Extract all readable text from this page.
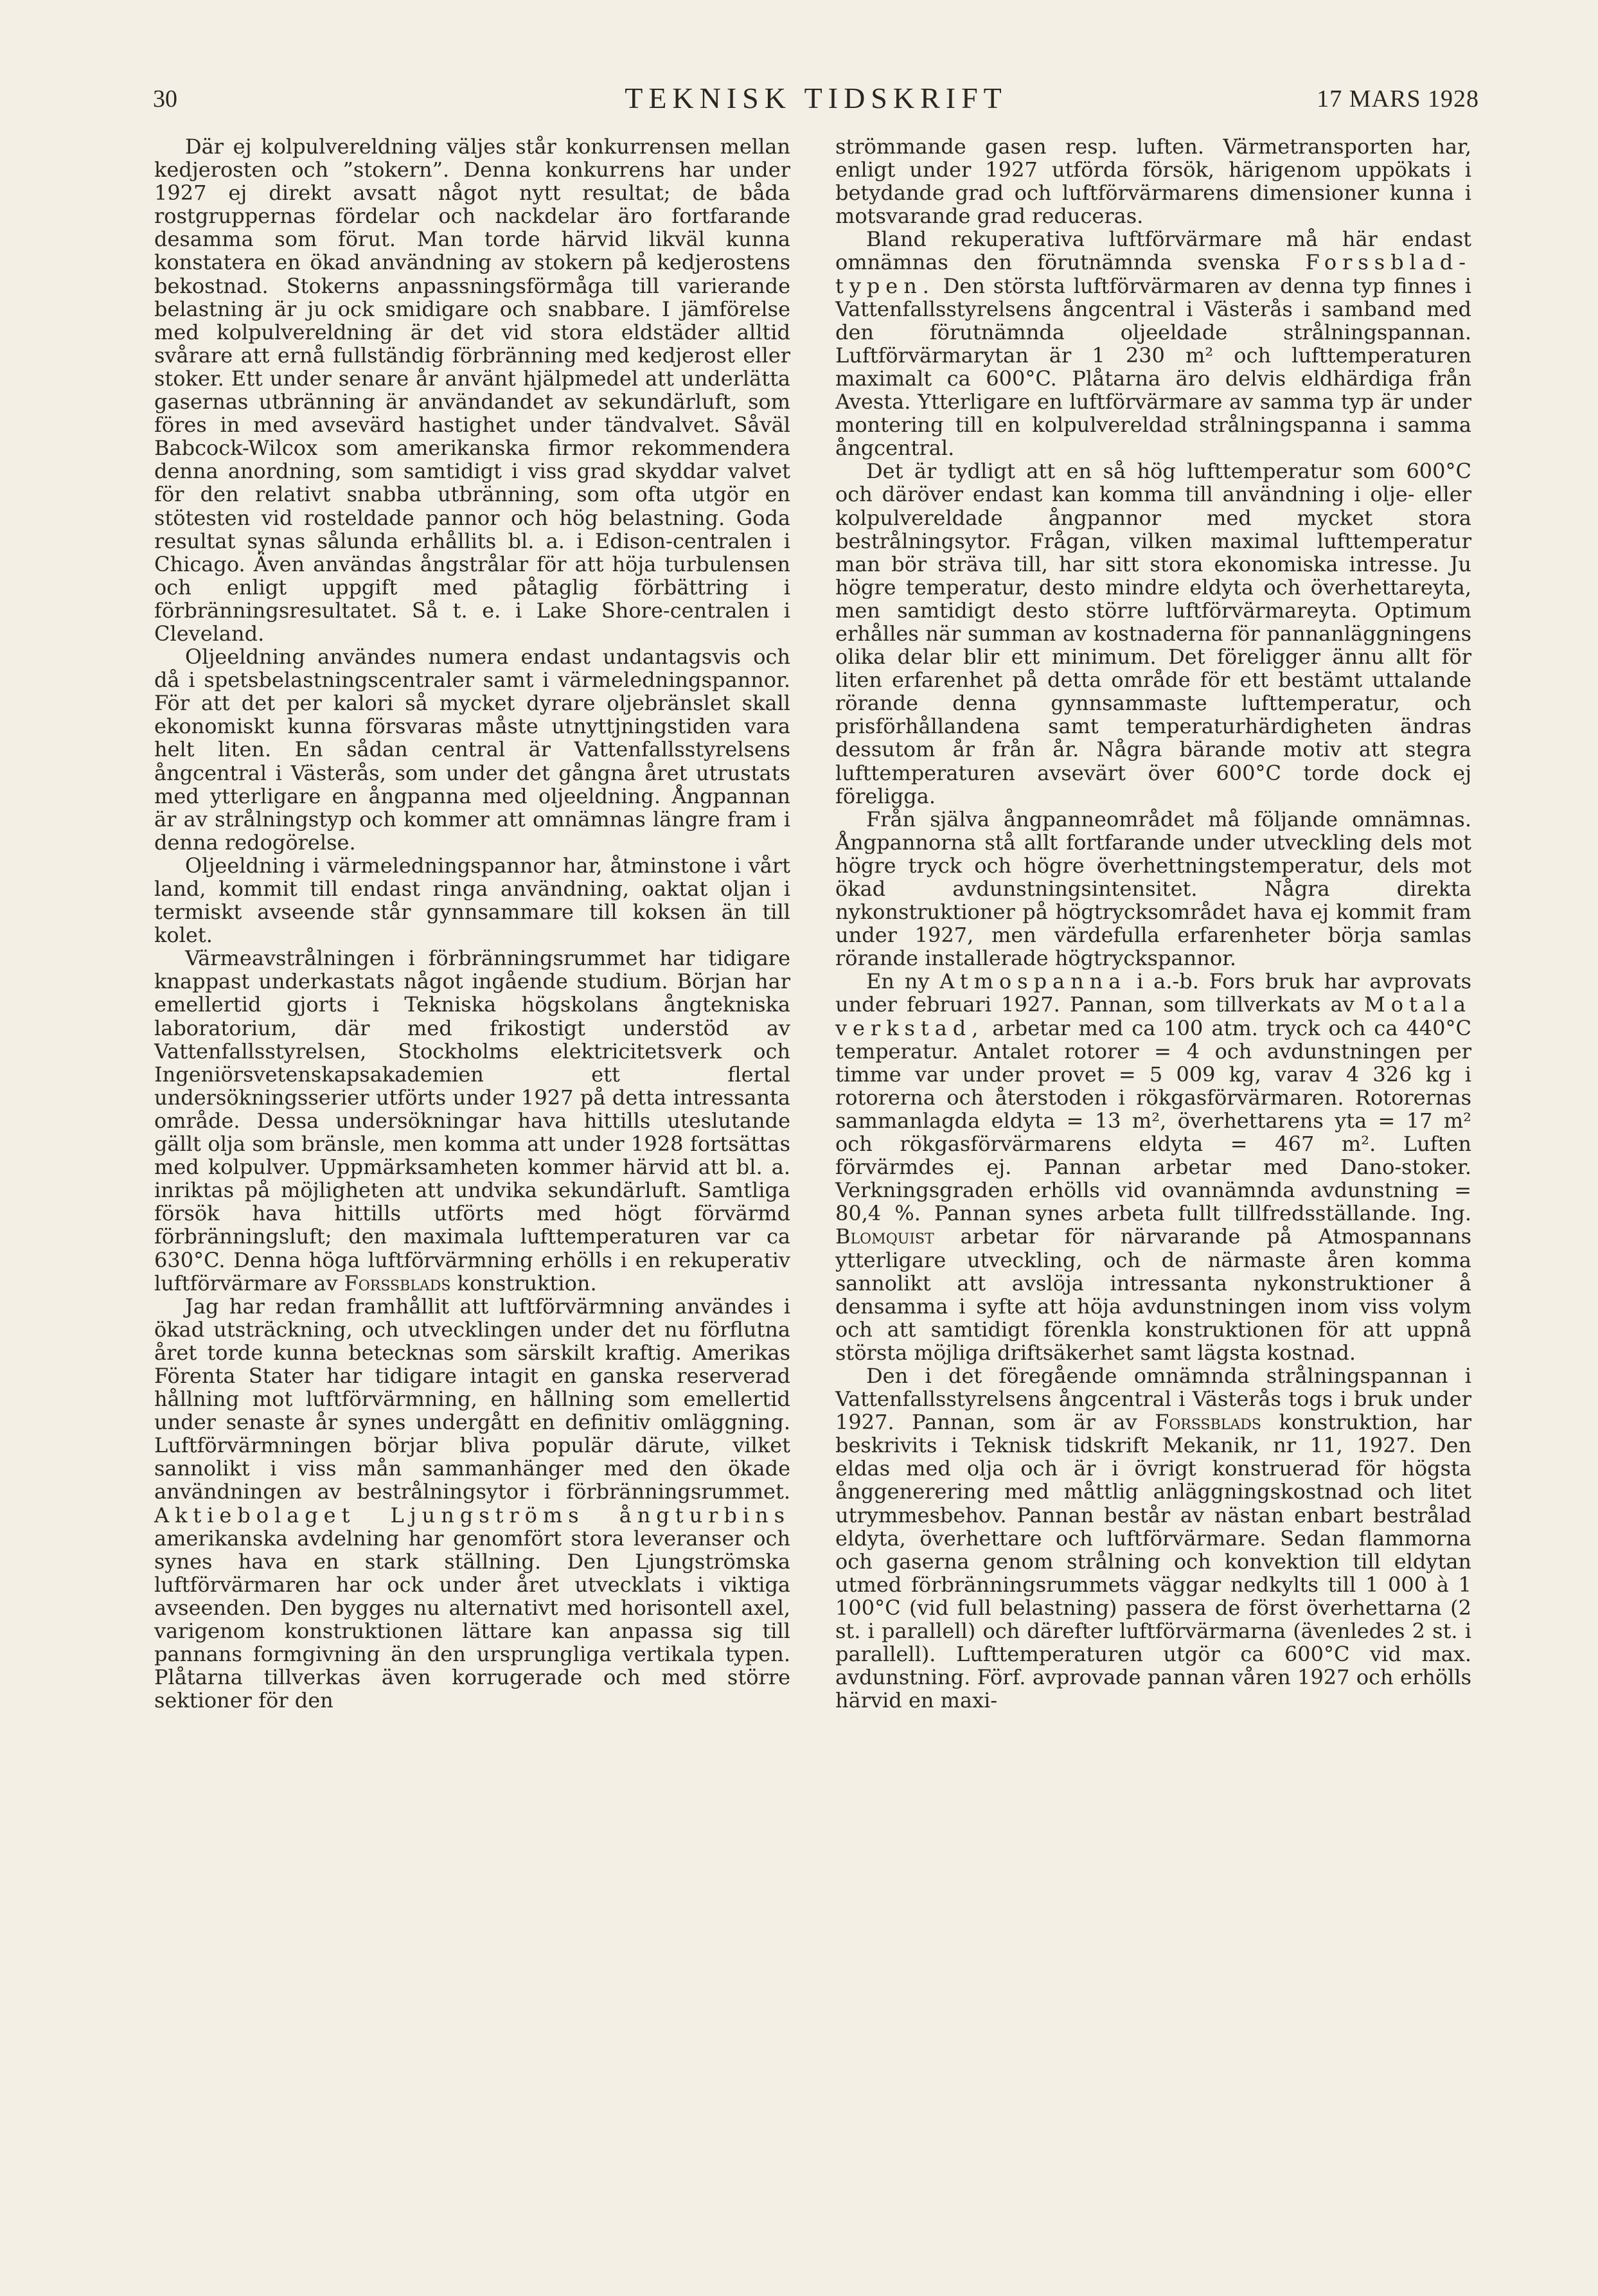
30	TEKNISK TIDSKRIFT	17 MARS 1928

Där ej kolpulvereldning väljes står konkurrensen mellan kedjerosten och ”stokern”. Denna konkurrens har under 1927 ej direkt avsatt något nytt resultat; de båda rostgruppernas fördelar och nackdelar äro fortfarande desamma som förut. Man torde härvid likväl kunna konstatera en ökad användning av stokern på kedjerostens bekostnad. Stokerns anpassningsförmåga till varierande belastning är ju ock smidigare och snabbare. I jämförelse med kolpulvereldning är det vid stora eldstäder alltid svårare att ernå fullständig förbränning med kedjerost eller stoker. Ett under senare år använt hjälpmedel att underlätta gasernas utbränning är användandet av sekundärluft, som föres in med avsevärd hastighet under tändvalvet. Såväl Babcock-Wilcox som amerikanska firmor rekommendera denna anordning, som samtidigt i viss grad skyddar valvet för den relativt snabba utbränning, som ofta utgör en stötesten vid rosteldade pannor och hög belastning. Goda resultat synas sålunda erhållits bl. a. i Edison-centralen i Chicago. Även användas ångstrålar för att höja turbulensen och enligt uppgift med påtaglig förbättring i förbränningsresultatet. Så t. e. i Lake Shore-centralen i Cleveland.

Oljeeldning användes numera endast undantagsvis och då i spetsbelastningscentraler samt i värmeledningspannor. För att det per kalori så mycket dyrare oljebränslet skall ekonomiskt kunna försvaras måste utnyttjningstiden vara helt liten. En sådan central är Vattenfallsstyrelsens ångcentral i Västerås, som under det gångna året utrustats med ytterligare en ångpanna med oljeeldning. Ångpannan är av strålningstyp och kommer att omnämnas längre fram i denna redogörelse.

Oljeeldning i värmeledningspannor har, åtminstone i vårt land, kommit till endast ringa användning, oaktat oljan i termiskt avseende står gynnsammare till koksen än till kolet.

Värmeavstrålningen i förbränningsrummet har tidigare knappast underkastats något ingående studium. Början har emellertid gjorts i Tekniska högskolans ångtekniska laboratorium, där med frikostigt understöd av Vattenfallsstyrelsen, Stockholms elektricitetsverk och Ingeniörsvetenskapsakademien ett flertal undersökningsserier utförts under 1927 på detta intressanta område. Dessa undersökningar hava hittills uteslutande gällt olja som bränsle, men komma att under 1928 fortsättas med kolpulver. Uppmärksamheten kommer härvid att bl. a. inriktas på möjligheten att undvika sekundärluft. Samtliga försök hava hittills utförts med högt förvärmd förbränningsluft; den maximala lufttemperaturen var ca 630°C. Denna höga luftförvärmning erhölls i en rekuperativ luftförvärmare av Forssblads konstruktion.

Jag har redan framhållit att luftförvärmning användes i ökad utsträckning, och utvecklingen under det nu förflutna året torde kunna betecknas som särskilt kraftig. Amerikas Förenta Stater har tidigare intagit en ganska reserverad hållning mot luftförvärmning, en hållning som emellertid under senaste år synes undergått en definitiv omläggning. Luftförvärmningen börjar bliva populär därute, vilket sannolikt i viss mån sammanhänger med den ökade användningen av bestrålningsytor i förbränningsrummet. Aktiebolaget Ljungströms ångturbins amerikanska avdelning har genomfört stora leveranser och synes hava en stark ställning. Den Ljungströmska luftförvärmaren har ock under året utvecklats i viktiga avseenden. Den bygges nu alternativt med horisontell axel, varigenom konstruktionen lättare kan anpassa sig till pannans formgivning än den ursprungliga vertikala typen. Plåtarna tillverkas även korrugerade och med större sektioner för den

strömmande gasen resp. luften. Värmetransporten har, enligt under 1927 utförda försök, härigenom uppökats i betydande grad och luftförvärmarens dimensioner kunna i motsvarande grad reduceras.

Bland rekuperativa luftförvärmare må här endast omnämnas den förutnämnda svenska Forssblad-typen. Den största luftförvärmaren av denna typ finnes i Vattenfallsstyrelsens ångcentral i Västerås i samband med den förutnämnda oljeeldade strålningspannan. Luftförvärmarytan är 1 230 m² och lufttemperaturen maximalt ca 600°C. Plåtarna äro delvis eldhärdiga från Avesta. Ytterligare en luftförvärmare av samma typ är under montering till en kolpulvereldad strålningspanna i samma ångcentral.

Det är tydligt att en så hög lufttemperatur som 600°C och däröver endast kan komma till användning i olje- eller kolpulvereldade ångpannor med mycket stora bestrålningsytor. Frågan, vilken maximal lufttemperatur man bör sträva till, har sitt stora ekonomiska intresse. Ju högre temperatur, desto mindre eldyta och överhettareyta, men samtidigt desto större luftförvärmareyta. Optimum erhålles när summan av kostnaderna för pannanläggningens olika delar blir ett minimum. Det föreligger ännu allt för liten erfarenhet på detta område för ett bestämt uttalande rörande denna gynnsammaste lufttemperatur, och prisförhållandena samt temperaturhärdigheten ändras dessutom år från år. Några bärande motiv att stegra lufttemperaturen avsevärt över 600°C torde dock ej föreligga.

Från själva ångpanneområdet må följande omnämnas. Ångpannorna stå allt fortfarande under utveckling dels mot högre tryck och högre överhettningstemperatur, dels mot ökad avdunstningsintensitet. Några direkta nykonstruktioner på högtrycksområdet hava ej kommit fram under 1927, men värdefulla erfarenheter börja samlas rörande installerade högtryckspannor.

En ny Atmospanna i a.-b. Fors bruk har avprovats under februari 1927. Pannan, som tillverkats av Motala verkstad, arbetar med ca 100 atm. tryck och ca 440°C temperatur. Antalet rotorer = 4 och avdunstningen per timme var under provet = 5 009 kg, varav 4 326 kg i rotorerna och återstoden i rökgasförvärmaren. Rotorernas sammanlagda eldyta = 13 m², överhettarens yta = 17 m² och rökgasförvärmarens eldyta = 467 m². Luften förvärmdes ej. Pannan arbetar med Dano-stoker. Verkningsgraden erhölls vid ovannämnda avdunstning = 80,4 %. Pannan synes arbeta fullt tillfredsställande. Ing. Blomquist arbetar för närvarande på Atmospannans ytterligare utveckling, och de närmaste åren komma sannolikt att avslöja intressanta nykonstruktioner å densamma i syfte att höja avdunstningen inom viss volym och att samtidigt förenkla konstruktionen för att uppnå största möjliga driftsäkerhet samt lägsta kostnad.

Den i det föregående omnämnda strålningspannan i Vattenfallsstyrelsens ångcentral i Västerås togs i bruk under 1927. Pannan, som är av Forssblads konstruktion, har beskrivits i Teknisk tidskrift Mekanik, nr 11, 1927. Den eldas med olja och är i övrigt konstruerad för högsta ånggenerering med måttlig anläggningskostnad och litet utrymmesbehov. Pannan består av nästan enbart bestrålad eldyta, överhettare och luftförvärmare. Sedan flammorna och gaserna genom strålning och konvektion till eldytan utmed förbränningsrummets väggar nedkylts till 1 000 à 1 100°C (vid full belastning) passera de först överhettarna (2 st. i parallell) och därefter luftförvärmarna (ävenledes 2 st. i parallell). Lufttemperaturen utgör ca 600°C vid max. avdunstning. Förf. avprovade pannan våren 1927 och erhölls härvid en maxi-
